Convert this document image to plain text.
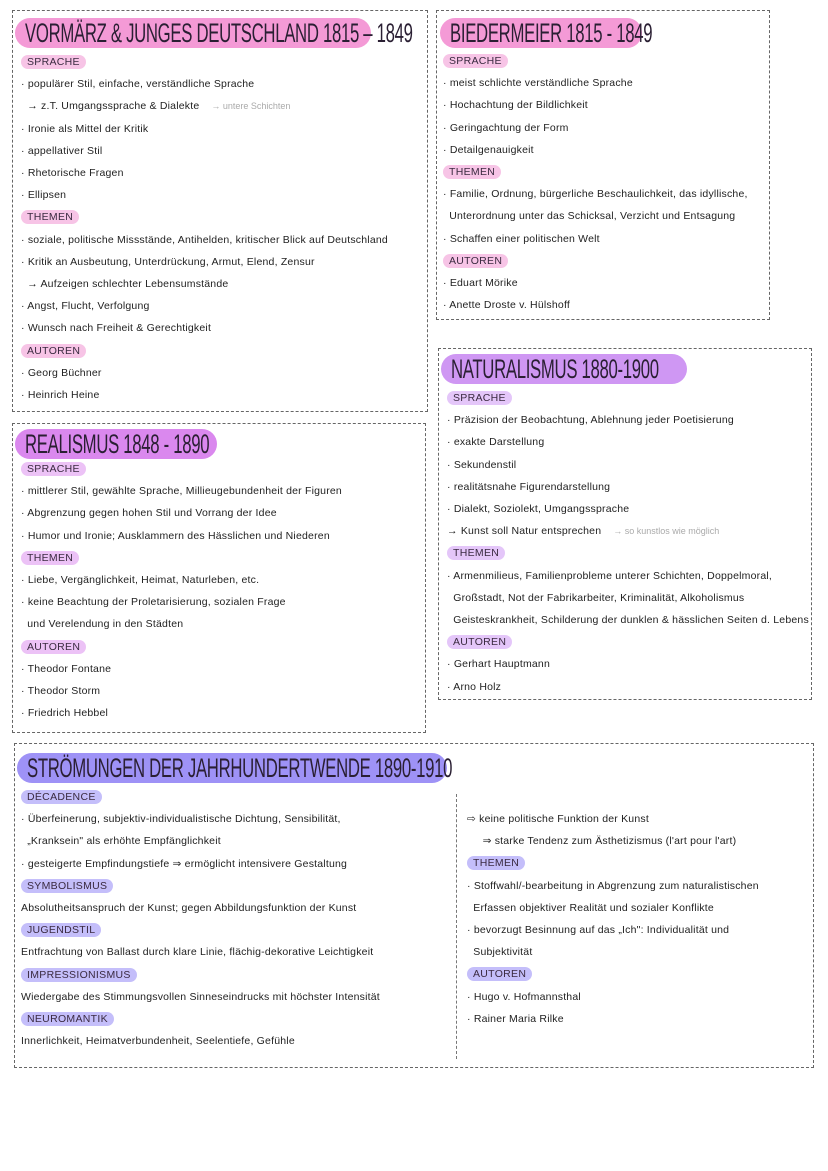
VORMÄRZ & JUNGES DEUTSCHLAND 1815 – 1849
SPRACHE
· populärer Stil, einfache, verständliche Sprache
→ z.T. Umgangssprache & Dialekte → untere Schichten
· Ironie als Mittel der Kritik
· appellativer Stil
· Rhetorische Fragen
· Ellipsen
THEMEN
· soziale, politische Missstände, Antihelden, kritischer Blick auf Deutschland
· Kritik an Ausbeutung, Unterdrückung, Armut, Elend, Zensur
→ Aufzeigen schlechter Lebensumstände
· Angst, Flucht, Verfolgung
· Wunsch nach Freiheit & Gerechtigkeit
AUTOREN
· Georg Büchner
· Heinrich Heine
BIEDERMEIER 1815 - 1849
SPRACHE
· meist schlichte verständliche Sprache
· Hochachtung der Bildlichkeit
· Geringachtung der Form
· Detailgenauigkeit
THEMEN
· Familie, Ordnung, bürgerliche Beschaulichkeit, das idyllische,
Unterordnung unter das Schicksal, Verzicht und Entsagung
· Schaffen einer politischen Welt
AUTOREN
· Eduart Mörike
· Anette Droste v. Hülshoff
NATURALISMUS 1880-1900
SPRACHE
· Präzision der Beobachtung, Ablehnung jeder Poetisierung
· exakte Darstellung
· Sekundenstil
· realitätsnahe Figurendarstellung
· Dialekt, Soziolekt, Umgangssprache
→ Kunst soll Natur entsprechen → so kunstlos wie möglich
THEMEN
· Armenmilieus, Familienprobleme unterer Schichten, Doppelmoral,
Großstadt, Not der Fabrikarbeiter, Kriminalität, Alkoholismus
Geisteskrankheit, Schilderung der dunklen & hässlichen Seiten d. Lebens
AUTOREN
· Gerhart Hauptmann
· Arno Holz
REALISMUS 1848 - 1890
SPRACHE
· mittlerer Stil, gewählte Sprache, Millieugebundenheit der Figuren
· Abgrenzung gegen hohen Stil und Vorrang der Idee
· Humor und Ironie; Ausklammern des Hässlichen und Niederen
THEMEN
· Liebe, Vergänglichkeit, Heimat, Naturleben, etc.
· keine Beachtung der Proletarisierung, sozialen Frage
und Verelendung in den Städten
AUTOREN
· Theodor Fontane
· Theodor Storm
· Friedrich Hebbel
STRÖMUNGEN DER JAHRHUNDERTWENDE 1890-1910
DÉCADENCE
· Überfeinerung, subjektiv-individualistische Dichtung, Sensibilität,
„Kranksein" als erhöhte Empfänglichkeit
· gesteigerte Empfindungstiefe ⇒ ermöglicht intensivere Gestaltung
SYMBOLISMUS
Absolutheitsanspruch der Kunst; gegen Abbildungsfunktion der Kunst
JUGENDSTIL
Entfrachtung von Ballast durch klare Linie, flächig-dekorative Leichtigkeit
IMPRESSIONISMUS
Wiedergabe des Stimmungsvollen Sinneseindrucks mit höchster Intensität
NEUROMANTIK
Innerlichkeit, Heimatverbundenheit, Seelentiefe, Gefühle
⇨ keine politische Funktion der Kunst
⇒ starke Tendenz zum Ästhetizismus (l'art pour l'art)
THEMEN
· Stoffwahl/-bearbeitung in Abgrenzung zum naturalistischen
Erfassen objektiver Realität und sozialer Konflikte
· bevorzugt Besinnung auf das „Ich": Individualität und
Subjektivität
AUTOREN
· Hugo v. Hofmannsthal
· Rainer Maria Rilke
